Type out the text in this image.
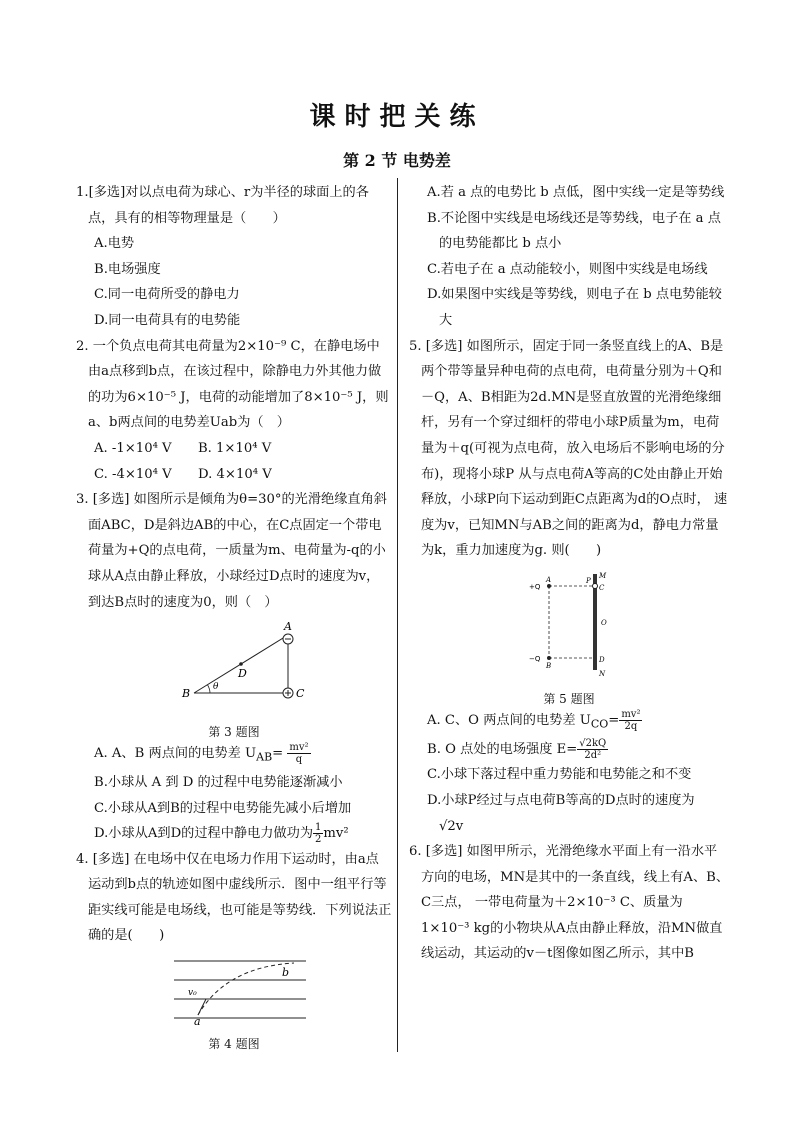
课时把关练
第 2 节 电势差

1.[多选]对以点电荷为球心、r为半径的球面上的各点，具有的相等物理量是（　　）

A.电势

B.电场强度

C.同一电荷所受的静电力

D.同一电荷具有的电势能

2. 一个负点电荷其电荷量为2×10⁻⁹ C，在静电场中由a点移到b点，在该过程中，除静电力外其他力做的功为6×10⁻⁵ J，电荷的动能增加了8×10⁻⁵ J，则a、b两点间的电势差Uab为（　）

A. -1×10⁴ V　　B. 1×10⁴ V

C. -4×10⁴ V　　D. 4×10⁴ V

3. [多选] 如图所示是倾角为θ=30°的光滑绝缘直角斜面ABC，D是斜边AB的中心，在C点固定一个带电荷量为+Q的点电荷，一质量为m、电荷量为-q的小球从A点由静止释放，小球经过D点时的速度为v，到达B点时的速度为0，则（　）

A
B	C
D
θ
第 3 题图

A. A、B 两点间的电势差 $U_{AB}= \frac{\text{mv²}}{q}$

B.小球从 A 到 D 的过程中电势能逐渐减小

C.小球从A到B的过程中电势能先减小后增加

D.小球从A到D的过程中静电力做功为 $\frac{1}{2} mv^2$

4. [多选] 在电场中仅在电场力作用下运动时，由a点运动到b点的轨迹如图中虚线所示．图中一组平行等距实线可能是电场线，也可能是等势线．下列说法正确的是(　　)

a
b
v₀
第 4 题图

A.若 a 点的电势比 b 点低，图中实线一定是等势线

B.不论图中实线是电场线还是等势线，电子在 a 点的电势能都比 b 点小

C.若电子在 a 点动能较小，则图中实线是电场线

D.如果图中实线是等势线，则电子在 b 点电势能较大

5. [多选] 如图所示，固定于同一条竖直线上的A、B是两个带等量异种电荷的点电荷，电荷量分别为＋Q和－Q，A、B相距为2d.MN是竖直放置的光滑绝缘细杆，另有一个穿过细杆的带电小球P质量为m，电荷量为＋q(可视为点电荷，放入电场后不影响电场的分布)，现将小球P 从与点电荷A等高的C处由静止开始释放，小球P向下运动到距C点距离为d的O点时， 速度为v，已知MN与AB之间的距离为d，静电力常量为k，重力加速度为g. 则(　　)

+Q
−Q
A
B
M
N
P
C
O
D
第 5 题图

A. C、O 两点间的电势差 $U_{CO}= \frac{\text{mv²}}{2q}$

B. O 点处的电场强度 $E= \frac{√2kQ}{\text{2d²}}$

C.小球下落过程中重力势能和电势能之和不变

D.小球P经过与点电荷B等高的D点时的速度为

√2v

6. [多选] 如图甲所示，光滑绝缘水平面上有一沿水平方向的电场，MN是其中的一条直线，线上有A、B、C三点， 一带电荷量为＋2×10⁻³ C、质量为1×10⁻³ kg的小物块从A点由静止释放，沿MN做直线运动，其运动的v－t图像如图乙所示，其中B
